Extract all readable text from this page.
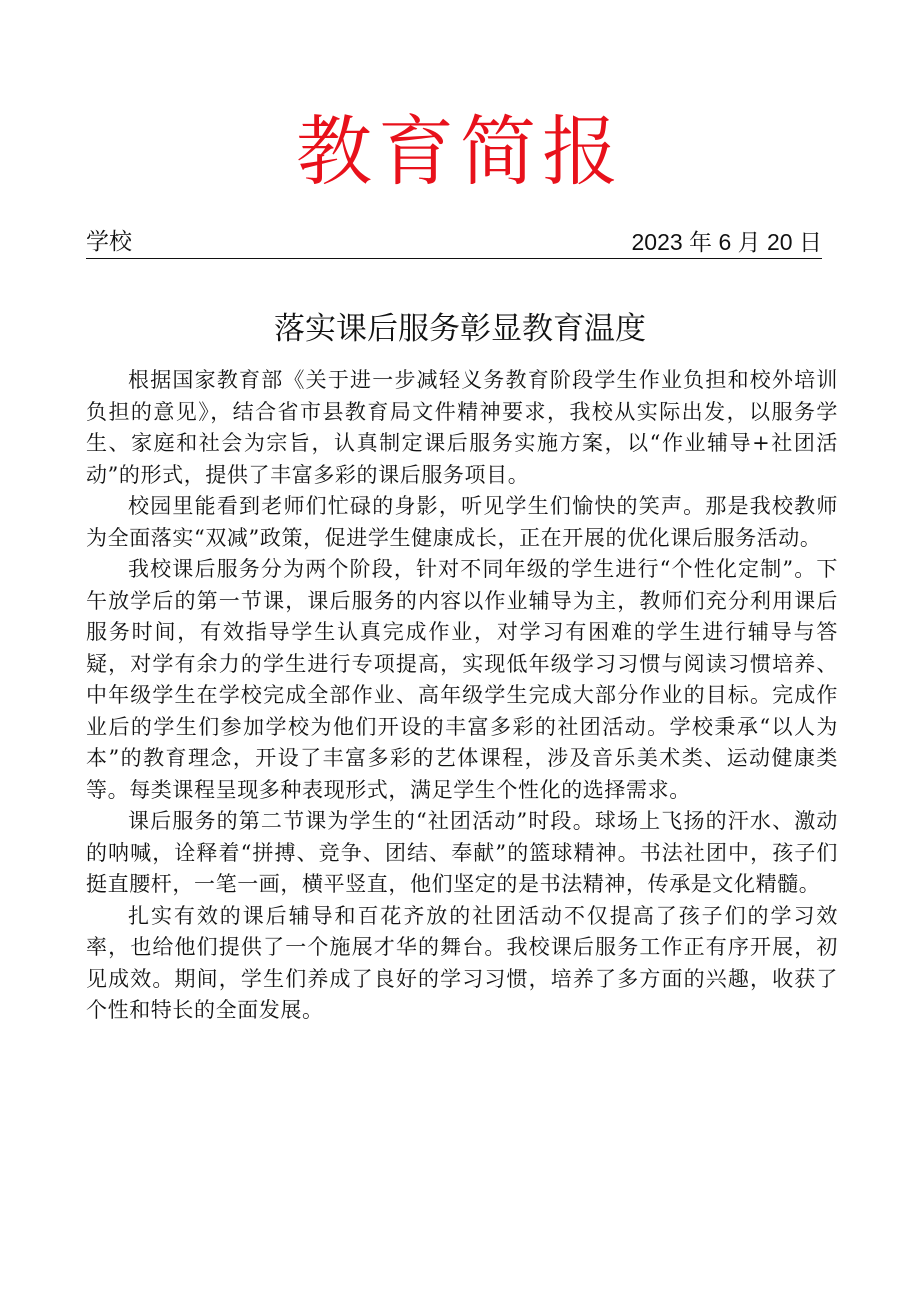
教育简报
学校	2023 年 6 月 20 日
落实课后服务彰显教育温度

根据国家教育部《关于进一步减轻义务教育阶段学生作业负担和校外培训负担的意见》，结合省市县教育局文件精神要求，我校从实际出发，以服务学生、家庭和社会为宗旨，认真制定课后服务实施方案，以“作业辅导+社团活动”的形式，提供了丰富多彩的课后服务项目。

校园里能看到老师们忙碌的身影，听见学生们愉快的笑声。那是我校教师为全面落实“双减”政策，促进学生健康成长，正在开展的优化课后服务活动。

我校课后服务分为两个阶段，针对不同年级的学生进行“个性化定制”。下午放学后的第一节课，课后服务的内容以作业辅导为主，教师们充分利用课后服务时间，有效指导学生认真完成作业，对学习有困难的学生进行辅导与答疑，对学有余力的学生进行专项提高，实现低年级学习习惯与阅读习惯培养、中年级学生在学校完成全部作业、高年级学生完成大部分作业的目标。完成作业后的学生们参加学校为他们开设的丰富多彩的社团活动。学校秉承“以人为本”的教育理念，开设了丰富多彩的艺体课程，涉及音乐美术类、运动健康类等。每类课程呈现多种表现形式，满足学生个性化的选择需求。

课后服务的第二节课为学生的“社团活动”时段。球场上飞扬的汗水、激动的呐喊，诠释着“拼搏、竞争、团结、奉献”的篮球精神。书法社团中，孩子们挺直腰杆，一笔一画，横平竖直，他们坚定的是书法精神，传承是文化精髓。

扎实有效的课后辅导和百花齐放的社团活动不仅提高了孩子们的学习效率，也给他们提供了一个施展才华的舞台。我校课后服务工作正有序开展，初见成效。期间，学生们养成了良好的学习习惯，培养了多方面的兴趣，收获了个性和特长的全面发展。
